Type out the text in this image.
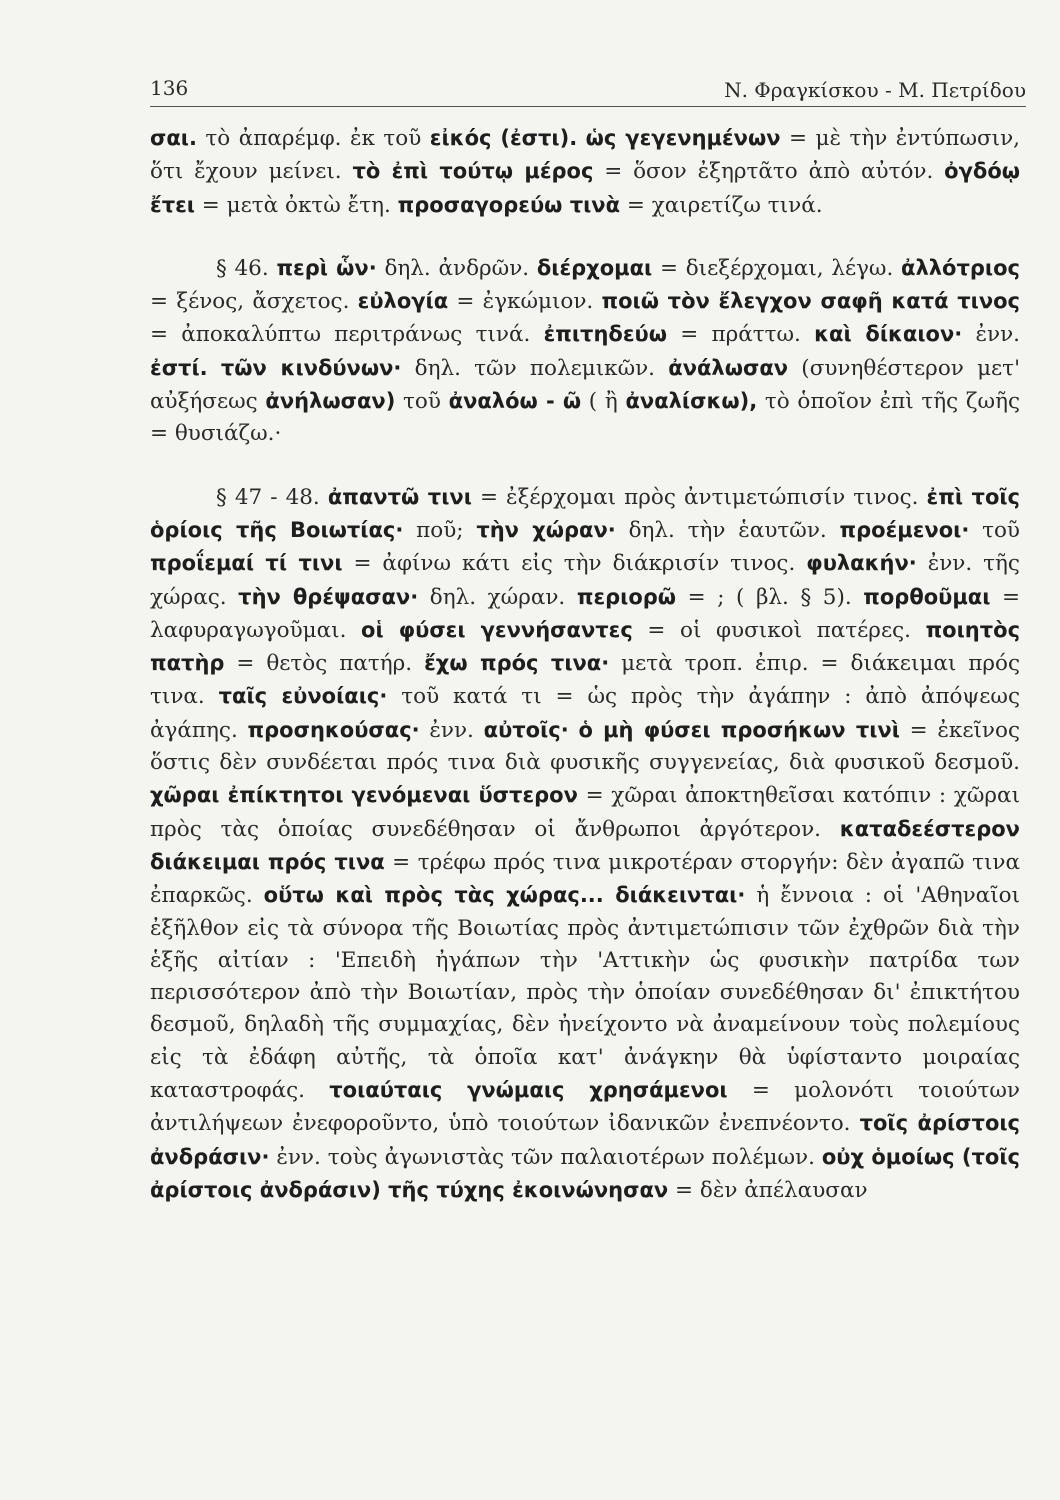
136	Ν. Φραγκίσκου - Μ. Πετρίδου

σαι. τὸ ἀπαρέμφ. ἐκ τοῦ εἰκός (ἐστι). ὡς γεγενημένων = μὲ τὴν ἐντύπωσιν, ὅτι ἔχουν μείνει. τὸ ἐπὶ τούτῳ μέρος = ὅσον ἐξηρτᾶτο ἀπὸ αὐτόν. ὀγδόῳ ἔτει = μετὰ ὀκτὼ ἔτη. προσαγορεύω τινὰ = χαιρετίζω τινά.

§ 46. περὶ ὧν· δηλ. ἀνδρῶν. διέρχομαι = διεξέρχομαι, λέγω. ἀλλότριος = ξένος, ἄσχετος. εὐλογία = ἐγκώμιον. ποιῶ τὸν ἔλεγχον σαφῆ κατά τινος = ἀποκαλύπτω περιτράνως τινά. ἐπιτηδεύω = πράττω. καὶ δίκαιον· ἐνν. ἐστί. τῶν κινδύνων· δηλ. τῶν πολεμικῶν. ἀνάλωσαν (συνηθέστερον μετ' αὐξήσεως ἀνήλωσαν) τοῦ ἀναλόω - ῶ ( ἢ ἀναλίσκω), τὸ ὁποῖον ἐπὶ τῆς ζωῆς = θυσιάζω.·

§ 47 - 48. ἀπαντῶ τινι = ἐξέρχομαι πρὸς ἀντιμετώπισίν τινος. ἐπὶ τοῖς ὁρίοις τῆς Βοιωτίας· ποῦ; τὴν χώραν· δηλ. τὴν ἑαυτῶν. προέμενοι· τοῦ προΐεμαί τί τινι = ἀφίνω κάτι εἰς τὴν διάκρισίν τινος. φυλακήν· ἐνν. τῆς χώρας. τὴν θρέψασαν· δηλ. χώραν. περιορῶ = ; ( βλ. § 5). πορθοῦμαι = λαφυραγωγοῦμαι. οἱ φύσει γεννήσαντες = οἱ φυσικοὶ πατέρες. ποιητὸς πατὴρ = θετὸς πατήρ. ἔχω πρός τινα· μετὰ τροπ. ἐπιρ. = διάκειμαι πρός τινα. ταῖς εὐνοίαις· τοῦ κατά τι = ὡς πρὸς τὴν ἀγάπην : ἀπὸ ἀπόψεως ἀγάπης. προσηκούσας· ἐνν. αὐτοῖς· ὁ μὴ φύσει προσήκων τινὶ = ἐκεῖνος ὅστις δὲν συνδέεται πρός τινα διὰ φυσικῆς συγγενείας, διὰ φυσικοῦ δεσμοῦ. χῶραι ἐπίκτητοι γενόμεναι ὕστερον = χῶραι ἀποκτηθεῖσαι κατόπιν : χῶραι πρὸς τὰς ὁποίας συνεδέθησαν οἱ ἄνθρωποι ἀργότερον. καταδεέστερον διάκειμαι πρός τινα = τρέφω πρός τινα μικροτέραν στοργήν: δὲν ἀγαπῶ τινα ἐπαρκῶς. οὕτω καὶ πρὸς τὰς χώρας... διάκεινται· ἡ ἔννοια : οἱ 'Αθηναῖοι ἐξῆλθον εἰς τὰ σύνορα τῆς Βοιωτίας πρὸς ἀντιμετώπισιν τῶν ἐχθρῶν διὰ τὴν ἑξῆς αἰτίαν : 'Επειδὴ ἠγάπων τὴν 'Αττικὴν ὡς φυσικὴν πατρίδα των περισσότερον ἀπὸ τὴν Βοιωτίαν, πρὸς τὴν ὁποίαν συνεδέθησαν δι' ἐπικτήτου δεσμοῦ, δηλαδὴ τῆς συμμαχίας, δὲν ἠνείχοντο νὰ ἀναμείνουν τοὺς πολεμίους εἰς τὰ ἐδάφη αὐτῆς, τὰ ὁποῖα κατ' ἀνάγκην θὰ ὑφίσταντο μοιραίας καταστροφάς. τοιαύταις γνώμαις χρησάμενοι = μολονότι τοιούτων ἀντιλήψεων ἐνεφοροῦντο, ὑπὸ τοιούτων ἰδανικῶν ἐνεπνέοντο. τοῖς ἀρίστοις ἀνδράσιν· ἐνν. τοὺς ἀγωνιστὰς τῶν παλαιοτέρων πολέμων. οὐχ ὁμοίως (τοῖς ἀρίστοις ἀνδράσιν) τῆς τύχης ἐκοινώνησαν = δὲν ἀπέλαυσαν
